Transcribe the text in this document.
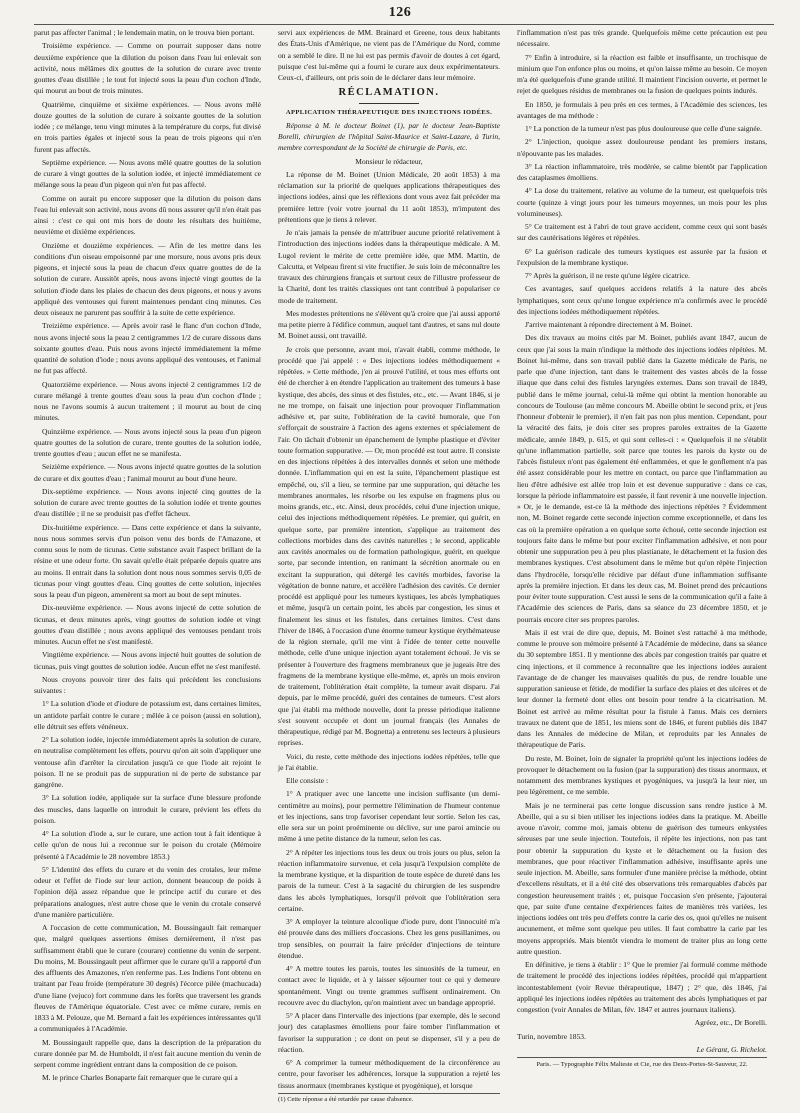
126

parut pas affecter l'animal ; le lendemain matin, on le trouva bien portant.

Troisième expérience. — Comme on pourrait supposer dans notre deuxième expérience que la dilution du poison dans l'eau lui enlevait son activité, nous mêlâmes dix gouttes de la solution de curare avec trente gouttes d'eau distillée ; le tout fut injecté sous la peau d'un cochon d'Inde, qui mourut au bout de trois minutes.

Quatrième, cinquième et sixième expériences. — Nous avons mêlé douze gouttes de la solution de curare à soixante gouttes de la solution iodée ; ce mélange, tenu vingt minutes à la température du corps, fut divisé en trois parties égales et injecté sous la peau de trois pigeons qui n'en furent pas affectés.

Septième expérience. — Nous avons mêlé quatre gouttes de la solution de curare à vingt gouttes de la solution iodée, et injecté immédiatement ce mélange sous la peau d'un pigeon qui n'en fut pas affecté.

Comme on aurait pu encore supposer que la dilution du poison dans l'eau lui enlevait son activité, nous avons dû nous assurer qu'il n'en était pas ainsi : c'est ce qui ont mis hors de doute les résultats des huitième, neuvième et dixième expériences.

Onzième et douzième expériences. — Afin de les mettre dans les conditions d'un oiseau empoisonné par une morsure, nous avons pris deux pigeons, et injecté sous la peau de chacun d'eux quatre gouttes de de la solution de curare. Aussitôt après, nous avons injecté vingt gouttes de la solution d'iode dans les plaies de chacun des deux pigeons, et nous y avons appliqué des ventouses qui furent maintenues pendant cinq minutes. Ces deux oiseaux ne parurent pas souffrir à la suite de cette expérience.

Treizième expérience. — Après avoir rasé le flanc d'un cochon d'Inde, nous avons injecté sous la peau 2 centigrammes 1/2 de curare dissous dans soixante gouttes d'eau. Puis nous avons injecté immédiatement la même quantité de solution d'iode ; nous avons appliqué des ventouses, et l'animal ne fut pas affecté.

Quatorzième expérience. — Nous avons injecté 2 centigrammes 1/2 de curare mélangé à trente gouttes d'eau sous la peau d'un cochon d'Inde ; nous ne l'avons soumis à aucun traitement ; il mourut au bout de cinq minutes.

Quinzième expérience. — Nous avons injecté sous la peau d'un pigeon quatre gouttes de la solution de curare, trente gouttes de la solution iodée, trente gouttes d'eau ; aucun effet ne se manifesta.

Seizième expérience. — Nous avons injecté quatre gouttes de la solution de curare et dix gouttes d'eau ; l'animal mourut au bout d'une heure.

Dix-septième expérience. — Nous avons injecté cinq gouttes de la solution de curare avec trente gouttes de la solution iodée et trente gouttes d'eau distillée ; il ne se produisit pas d'effet fâcheux.

Dix-huitième expérience. — Dans cette expérience et dans la suivante, nous nous sommes servis d'un poison venu des bords de l'Amazone, et connu sous le nom de ticunas. Cette substance avait l'aspect brillant de la résine et une odeur forte. On savait qu'elle était préparée depuis quatre ans au moins. Il entrait dans la solution dont nous nous sommes servis 0,05 de ticunas pour vingt gouttes d'eau. Cinq gouttes de cette solution, injectées sous la peau d'un pigeon, amenèrent sa mort au bout de sept minutes.

Dix-neuvième expérience. — Nous avons injecté de cette solution de ticunas, et deux minutes après, vingt gouttes de solution iodée et vingt gouttes d'eau distillée ; nous avons appliqué des ventouses pendant trois minutes. Aucun effet ne s'est manifesté.

Vingtième expérience. — Nous avons injecté huit gouttes de solution de ticunas, puis vingt gouttes de solution iodée. Aucun effet ne s'est manifesté.

Nous croyons pouvoir tirer des faits qui précèdent les conclusions suivantes :

1° La solution d'iode et d'iodure de potassium est, dans certaines limites, un antidote parfait contre le curare ; mêlée à ce poison (aussi en solution), elle détruit ses effets vénéneux.

2° La solution iodée, injectée immédiatement après la solution de curare, en neutralise complètement les effets, pourvu qu'on ait soin d'appliquer une ventouse afin d'arrêter la circulation jusqu'à ce que l'iode ait rejoint le poison. Il ne se produit pas de suppuration ni de perte de substance par gangrène.

3° La solution iodée, appliquée sur la surface d'une blessure profonde des muscles, dans laquelle on introduit le curare, prévient les effets du poison.

4° La solution d'iode a, sur le curare, une action tout à fait identique à celle qu'on de nous lui a reconnue sur le poison du crotale (Mémoire présenté à l'Académie le 28 novembre 1853.)

5° L'identité des effets du curare et du venin des crotales, leur même odeur et l'effet de l'iode sur leur action, donnent beaucoup de poids à l'opinion déjà assez répandue que le principe actif du curare et des préparations analogues, n'est autre chose que le venin du crotale conservé d'une manière particulière.

A l'occasion de cette communication, M. Boussingault fait remarquer que, malgré quelques assertions émises dernièrement, il n'est pas suffisamment établi que le curare (courare) contienne du venin de serpent. Du moins, M. Boussingault peut affirmer que le curare qu'il a rapporté d'un des affluents des Amazones, n'en renferme pas. Les Indiens l'ont obtenu en traitant par l'eau froide (température 30 degrés) l'écorce pilée (machucada) d'une liane (vejuco) fort commune dans les forêts que traversent les grands fleuves de l'Amérique équatoriale. C'est avec ce même curare, remis en 1833 à M. Pelouze, que M. Bernard a fait les expériences intéressantes qu'il a communiquées à l'Académie.

M. Boussingault rappelle que, dans la description de la préparation du curare donnée par M. de Humboldt, il n'est fait aucune mention du venin de serpent comme ingrédient entrant dans la composition de ce poison.

M. le prince Charles Bonaparte fait remarquer que le curare qui a

servi aux expériences de MM. Brainard et Greene, tous deux habitants des États-Unis d'Amérique, ne vient pas de l'Amérique du Nord, comme on a semblé le dire. Il ne lui est pas permis d'avoir de doutes à cet égard, puisque c'est lui-même qui a fourni le curare aux deux expérimentateurs. Ceux-ci, d'ailleurs, ont pris soin de le déclarer dans leur mémoire.

RÉCLAMATION.

APPLICATION THÉRAPEUTIQUE DES INJECTIONS IODÉES.

Réponse à M. le docteur Boinet (1), par le docteur Jean-Baptiste Borelli, chirurgien de l'hôpital Saint-Maurice et Saint-Lazare, à Turin, membre correspondant de la Société de chirurgie de Paris, etc.

Monsieur le rédacteur,

La réponse de M. Boinet (Union Médicale, 20 août 1853) à ma réclamation sur la priorité de quelques applications thérapeutiques des injections iodées, ainsi que les réflexions dont vous avez fait précéder ma première lettre (voir votre journal du 11 août 1853), m'imputent des prétentions que je tiens à relever.

Je n'ais jamais la pensée de m'attribuer aucune priorité relativement à l'introduction des injections iodées dans la thérapeutique médicale. A M. Lugol revient le mérite de cette première idée, que MM. Martin, de Calcutta, et Velpeau firent si vite fructifier. Je suis loin de méconnaître les travaux des chirurgiens français et surtout ceux de l'illustre professeur de la Charité, dont les traités classiques ont tant contribué à populariser ce mode de traitement.

Mes modestes prétentions ne s'élèvent qu'à croire que j'ai aussi apporté ma petite pierre à l'édifice commun, auquel tant d'autres, et sans nul doute M. Boinet aussi, ont travaillé.

Je crois que personne, avant moi, n'avait établi, comme méthode, le procédé que j'ai appelé : « Des injections iodées méthodiquement « répétées. » Cette méthode, j'en ai prouvé l'utilité, et tous mes efforts ont été de chercher à en étendre l'application au traitement des tumeurs à base kystique, des abcès, des sinus et des fistules, etc., etc. — Avant 1846, si je ne me trompe, on faisait une injection pour provoquer l'inflammation adhésive et, par suite, l'oblitération de la cavité humorale, que l'on s'efforçait de soustraire à l'action des agens externes et spécialement de l'air. On tâchait d'obtenir un épanchement de lymphe plastique et d'éviter toute formation suppurative. — Or, mon procédé est tout autre. Il consiste en des injections répétées à des intervalles donnés et selon une méthode donnée. L'inflammation qui en est la suite, l'épanchement plastique est empêché, ou, s'il a lieu, se termine par une suppuration, qui détache les membranes anormales, les résorbe ou les expulse en fragmens plus ou moins grands, etc., etc. Ainsi, deux procédés, celui d'une injection unique, celui des injections méthodiquement répétées. Le premier, qui guérit, en quelque sorte, par première intention, s'applique au traitement des collections morbides dans des cavités naturelles ; le second, applicable aux cavités anormales ou de formation pathologique, guérit, en quelque sorte, par seconde intention, en ranimant la sécrétion anormale ou en excitant la suppuration, qui détergé les cavités morbides, favorise la végétation de bonne nature, et accélère l'adhésion des cavités. Ce dernier procédé est appliqué pour les tumeurs kystiques, les abcès lymphatiques et même, jusqu'à un certain point, les abcès par congestion, les sinus et finalement les sinus et les fistules, dans certaines limites. C'est dans l'hiver de 1846, à l'occasion d'une énorme tumeur kystique érythémateuse de la région sternale, qu'il me vint à l'idée de tenter cette nouvelle méthode, celle d'une unique injection ayant totalement échoué. Je vis se présenter à l'ouverture des fragmens membraneux que je jugeais être des fragmens de la membrane kystique elle-même, et, après un mois environ de traitement, l'oblitération était complète, la tumeur avait disparu. J'ai depuis, par le même procédé, guéri des centaines de tumeurs. C'est alors que j'ai établi ma méthode nouvelle, dont la presse périodique italienne s'est souvent occupée et dont un journal français (les Annales de thérapeutique, rédigé par M. Bognetta) a entretenu ses lecteurs à plusieurs reprises.

Voici, du reste, cette méthode des injections iodées répétées, telle que je l'ai établie.

Elle consiste :

1° A pratiquer avec une lancette une incision suffisante (un demi-centimètre au moins), pour permettre l'élimination de l'humeur contenue et les injections, sans trop favoriser cependant leur sortie. Selon les cas, elle sera sur un point proéminente ou déclive, sur une paroi amincie ou même à une petite distance de la tumeur, selon les cas.

2° A répéter les injections tous les deux ou trois jours ou plus, selon la réaction inflammatoire survenue, et cela jusqu'à l'expulsion complète de la membrane kystique, et la disparition de toute espèce de dureté dans les parois de la tumeur. C'est à la sagacité du chirurgien de les suspendre dans les abcès lymphatiques, lorsqu'il prévoit que l'oblitération sera certaine.

3° A employer la teinture alcoolique d'iode pure, dont l'innocuité m'a été prouvée dans des milliers d'occasions. Chez les gens pusillanimes, ou trop sensibles, on pourrait la faire précéder d'injections de teinture étendue.

4° A mettre toutes les parois, toutes les sinuosités de la tumeur, en contact avec le liquide, et à y laisser séjourner tout ce qui y demeure spontanément. Vingt ou trente grammes suffisent ordinairement. On recouvre avec du diachylon, qu'on maintient avec un bandage approprié.

5° A placer dans l'intervalle des injections (par exemple, dès le second jour) des cataplasmes émolliens pour faire tomber l'inflammation et favoriser la suppuration ; ce dont on peut se dispenser, s'il y a peu de réaction.

6° A comprimer la tumeur méthodiquement de la circonférence au centre, pour favoriser les adhérences, lorsque la suppuration a rejeté les tissus anormaux (membranes kystique et pyogénique), et lorsque

(1) Cette réponse a été retardée par cause d'absence.

l'inflammation n'est pas très grande. Quelquefois même cette précaution est peu nécessaire.

7° Enfin à introduire, si la réaction est faible et insuffisante, un trochisque de minium que l'on enfonce plus ou moins, et qu'on laisse même au besoin. Ce moyen m'a été quelquefois d'une grande utilité. Il maintient l'incision ouverte, et permet le rejet de quelques résidus de membranes ou la fusion de quelques points indurés.

En 1850, je formulais à peu près en ces termes, à l'Académie des sciences, les avantages de ma méthode :

1° La ponction de la tumeur n'est pas plus douloureuse que celle d'une saignée.

2° L'injection, quoique assez douloureuse pendant les premiers instans, n'épouvante pas les malades.

3° La réaction inflammatoire, très modérée, se calme bientôt par l'application des cataplasmes émolliens.

4° La dose du traitement, relative au volume de la tumeur, est quelquefois très courte (quinze à vingt jours pour les tumeurs moyennes, un mois pour les plus volumineuses).

5° Ce traitement est à l'abri de tout grave accident, comme ceux qui sont basés sur des cautérisations légères et répétées.

6° La guérison radicale des tumeurs kystiques est assurée par la fusion et l'expulsion de la membrane kystique.

7° Après la guérison, il ne reste qu'une légère cicatrice.

Ces avantages, sauf quelques accidens relatifs à la nature des abcès lymphatiques, sont ceux qu'une longue expérience m'a confirmés avec le procédé des injections iodées méthodiquement répétées.

J'arrive maintenant à répondre directement à M. Boinet.

Des dix travaux au moins cités par M. Boinet, publiés avant 1847, aucun de ceux que j'ai sous la main n'indique la méthode des injections iodées répétées. M. Boinet lui-même, dans son travail publié dans la Gazette médicale de Paris, ne parle que d'une injection, tant dans le traitement des vastes abcès de la fosse iliaque que dans celui des fistules laryngées externes. Dans son travail de 1849, publié dans le même journal, celui-là même qui obtint la mention honorable au concours de Toulouse (au même concours M. Abeille obtint le second prix, et j'eus l'honneur d'obtenir le premier), il n'en fait pas non plus mention. Cependant, pour la véracité des faits, je dois citer ses propres paroles extraites de la Gazette médicale, année 1849, p. 615, et qui sont celles-ci : « Quelquefois il ne s'établit qu'une inflammation partielle, soit parce que toutes les parois du kyste ou de l'abcès fistuleux n'ont pas également été enflammées, et que le gonflement n'a pas été assez considérable pour les mettre en contact, ou parce que l'inflammation au lieu d'être adhésive est allée trop loin et est devenue suppurative : dans ce cas, lorsque la période inflammatoire est passée, il faut revenir à une nouvelle injection. » Or, je le demande, est-ce là la méthode des injections répétées ? Évidemment non, M. Boinet regarde cette seconde injection comme exceptionnelle, et dans les cas où la première opération a en quelque sorte échoué, cette seconde injection est toujours faite dans le même but pour exciter l'inflammation adhésive, et non pour obtenir une suppuration peu à peu plus plastianate, le détachement et la fusion des membranes kystiques. C'est absolument dans le même but qu'on répète l'injection dans l'hydrocèle, lorsqu'elle récidive par défaut d'une inflammation suffisante après la première injection. Et dans les deux cas, M. Boinet prend des précautions pour éviter toute suppuration. C'est aussi le sens de la communication qu'il a faite à l'Académie des sciences de Paris, dans sa séance du 23 décembre 1850, et je pourrais encore citer ses propres paroles.

Mais il est vrai de dire que, depuis, M. Boinet s'est rattaché à ma méthode, comme le prouve son mémoire présenté à l'Académie de médecine, dans sa séance du 30 septembre 1851. Il y mentionne des abcès par congestion traités par quatre et cinq injections, et il commence à reconnaître que les injections iodées auraient l'avantage de de changer les mauvaises qualités du pus, de rendre louable une suppuration sanieuse et fétide, de modifier la surface des plaies et des ulcères et de leur donner la fermeté dont elles ont besoin pour tendre à la cicatrisation. M. Boinet est arrivé au même résultat pour la fistule à l'anus. Mais ces derniers travaux ne datent que de 1851, les miens sont de 1846, et furent publiés dès 1847 dans les Annales de médecine de Milan, et reproduits par les Annales de thérapeutique de Paris.

Du reste, M. Boinet, loin de signaler la propriété qu'ont les injections iodées de provoquer le détachement ou la fusion (par la suppuration) des tissus anormaux, et notamment des membranes kystiques et pyogéniques, va jusqu'à la leur nier, un peu légèrement, ce me semble.

Mais je ne terminerai pas cette longue discussion sans rendre justice à M. Abeille, qui a su si bien utiliser les injections iodées dans la pratique. M. Abeille avoue n'avoir, comme moi, jamais obtenu de guérison des tumeurs enkystées séreuses par une seule injection. Toutefois, il répète les injections, non pas tant pour obtenir la suppuration du kyste et le détachement ou la fusion des membranes, que pour réactiver l'inflammation adhésive, insuffisante après une seule injection. M. Abeille, sans formuler d'une manière précise la méthode, obtint d'excellens résultats, et il a été cité des observations très remarquables d'abcès par congestion heureusement traités ; et, puisque l'occasion s'en présente, j'ajouterai que, par suite d'une centaine d'expériences faites de manières très variées, les injections iodées ont très peu d'effets contre la carie des os, quoi qu'elles ne nuisent aucunement, et même sont quelque peu utiles. Il faut combattre la carie par les moyens appropriés. Mais bientôt viendra le moment de traiter plus au long cette autre question.

En définitive, je tiens à établir : 1° Que le premier j'ai formulé comme méthode de traitement le procédé des injections iodées répétées, procédé qui m'appartient incontestablement (voir Revue thérapeutique, 1847) ; 2° que, dès 1846, j'ai appliqué les injections iodées répétées au traitement des abcès lymphatiques et par congestion (voir Annales de Milan, fév. 1847 et autres journaux italiens).

Agréez, etc., Dr Borelli.

Turin, novembre 1853.

Le Gérant, G. Richelot.

Paris. — Typographie Félix Malteste et Cie, rue des Deux-Portes-St-Sauveur, 22.
